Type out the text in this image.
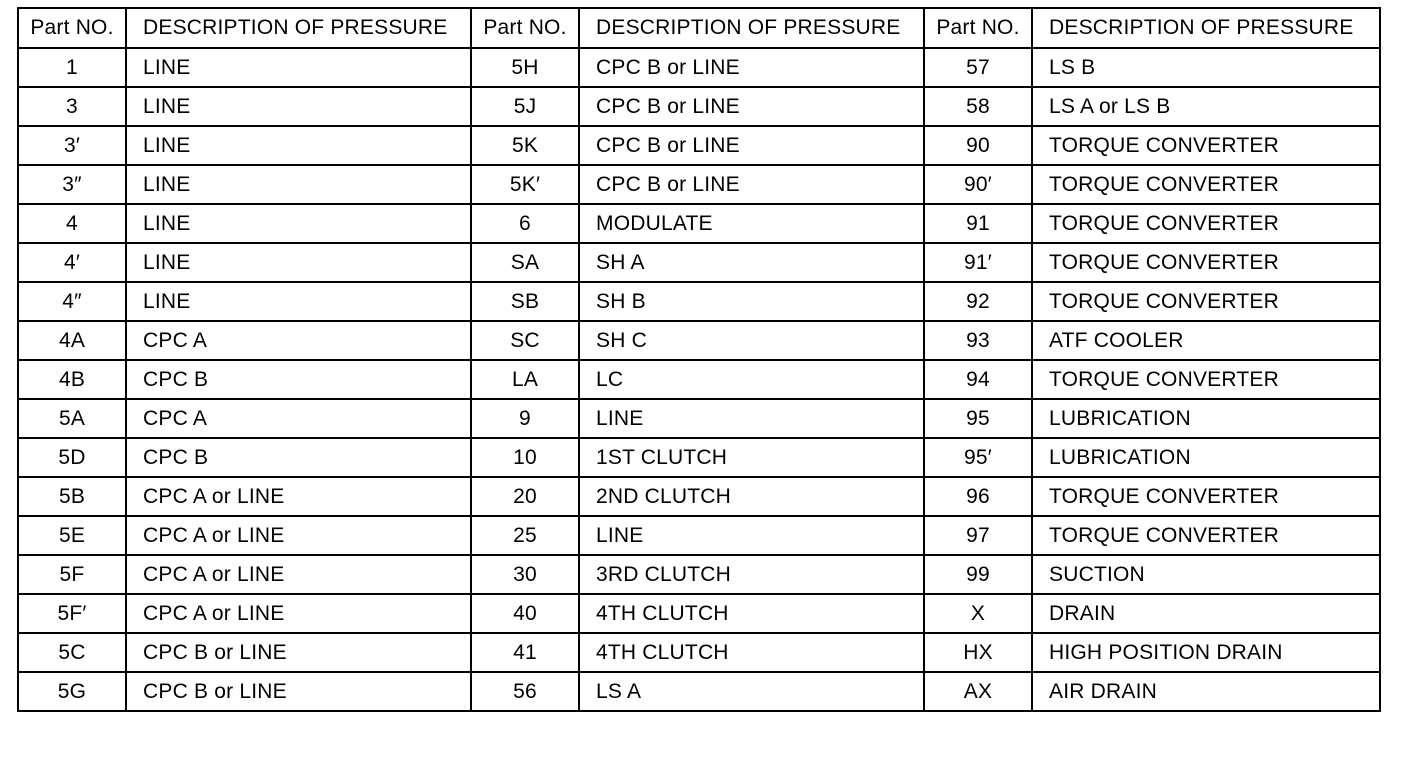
Part NO.	DESCRIPTION OF PRESSURE	Part NO.	DESCRIPTION OF PRESSURE	Part NO.	DESCRIPTION OF PRESSURE
1	LINE	5H	CPC B or LINE	57	LS B
3	LINE	5J	CPC B or LINE	58	LS A or LS B
3′	LINE	5K	CPC B or LINE	90	TORQUE CONVERTER
3″	LINE	5K′	CPC B or LINE	90′	TORQUE CONVERTER
4	LINE	6	MODULATE	91	TORQUE CONVERTER
4′	LINE	SA	SH A	91′	TORQUE CONVERTER
4″	LINE	SB	SH B	92	TORQUE CONVERTER
4A	CPC A	SC	SH C	93	ATF COOLER
4B	CPC B	LA	LC	94	TORQUE CONVERTER
5A	CPC A	9	LINE	95	LUBRICATION
5D	CPC B	10	1ST CLUTCH	95′	LUBRICATION
5B	CPC A or LINE	20	2ND CLUTCH	96	TORQUE CONVERTER
5E	CPC A or LINE	25	LINE	97	TORQUE CONVERTER
5F	CPC A or LINE	30	3RD CLUTCH	99	SUCTION
5F′	CPC A or LINE	40	4TH CLUTCH	X	DRAIN
5C	CPC B or LINE	41	4TH CLUTCH	HX	HIGH POSITION DRAIN
5G	CPC B or LINE	56	LS A	AX	AIR DRAIN
